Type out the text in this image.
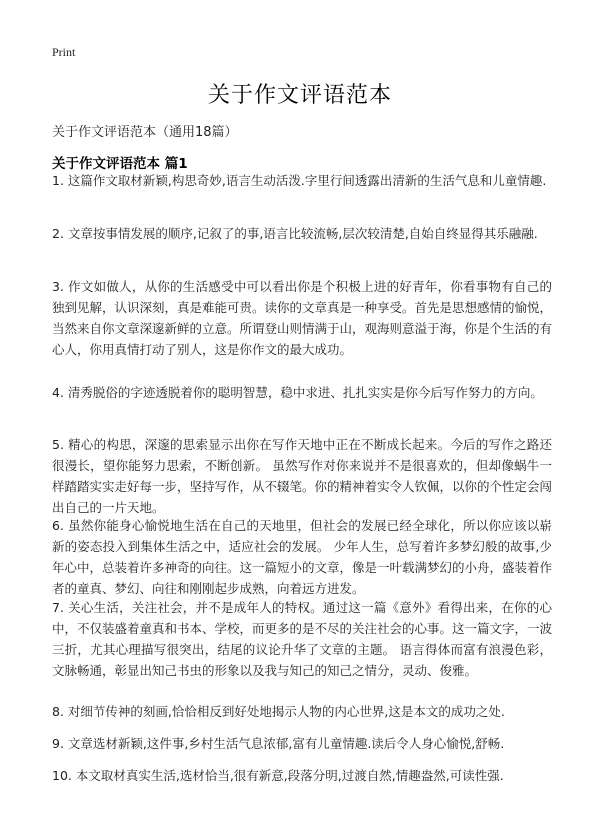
Print
关于作文评语范本
关于作文评语范本（通用18篇）
关于作文评语范本 篇1

1. 这篇作文取材新颖,构思奇妙,语言生动活泼.字里行间透露出清新的生活气息和儿童情趣.

2. 文章按事情发展的顺序,记叙了的事,语言比较流畅,层次较清楚,自始自终显得其乐融融.

3. 作文如做人，从你的生活感受中可以看出你是个积极上进的好青年，你看事物有自己的独到见解，认识深刻，真是难能可贵。读你的文章真是一种享受。首先是思想感情的愉悦，当然来自你文章深邃新鲜的立意。所谓登山则情满于山，观海则意溢于海，你是个生活的有心人，你用真情打动了别人，这是你作文的最大成功。

4. 清秀脱俗的字迹透脱着你的聪明智慧，稳中求进、扎扎实实是你今后写作努力的方向。

5. 精心的构思，深邃的思索显示出你在写作天地中正在不断成长起来。今后的写作之路还很漫长，望你能努力思索，不断创新。 虽然写作对你来说并不是很喜欢的，但却像蜗牛一样踏踏实实走好每一步，坚持写作，从不辍笔。你的精神着实令人钦佩，以你的个性定会闯出自己的一片天地。

6. 虽然你能身心愉悦地生活在自己的天地里，但社会的发展已经全球化，所以你应该以崭新的姿态投入到集体生活之中，适应社会的发展。 少年人生，总写着许多梦幻般的故事,少年心中，总装着许多神奇的向往。这一篇短小的文章，像是一叶载满梦幻的小舟，盛装着作者的童真、梦幻、向往和刚刚起步成熟，向着远方进发。

7. 关心生活，关注社会，并不是成年人的特权。通过这一篇《意外》看得出来，在你的心中，不仅装盛着童真和书本、学校，而更多的是不尽的关注社会的心事。这一篇文字，一波三折，尤其心理描写很突出，结尾的议论升华了文章的主题。 语言得体而富有浪漫色彩，文脉畅通，彰显出知己书虫的形象以及我与知己的知己之情分，灵动、俊雅。

8. 对细节传神的刻画,恰恰相反到好处地揭示人物的内心世界,这是本文的成功之处.

9. 文章选材新颖,这件事,乡村生活气息浓郁,富有儿童情趣.读后令人身心愉悦,舒畅.

10. 本文取材真实生活,选材恰当,很有新意,段落分明,过渡自然,情趣盎然,可读性强.
